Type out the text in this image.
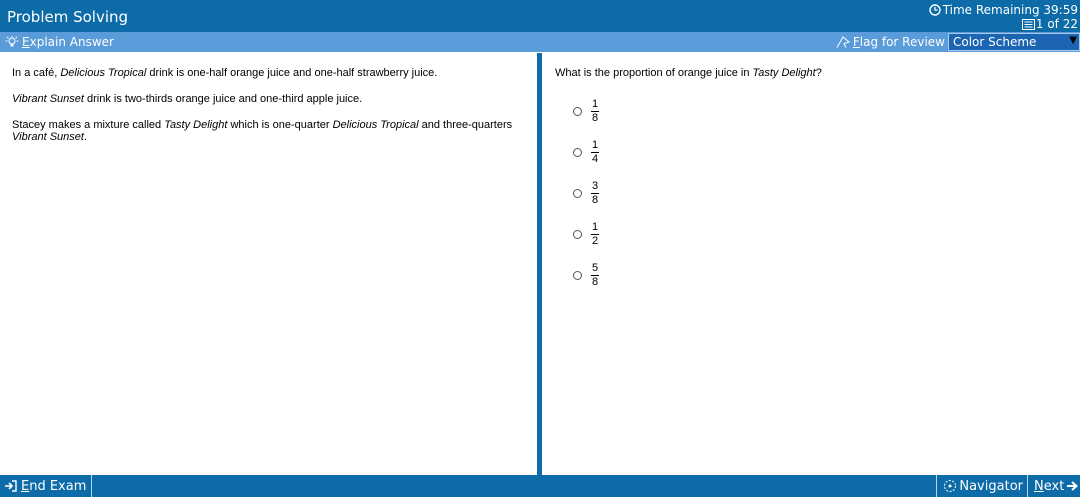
Problem Solving	Time Remaining 39:59
1 of 22
Explain Answer	Flag for Review Color Scheme	▼

In a café, Delicious Tropical drink is one-half orange juice and one-half strawberry juice.

Vibrant Sunset drink is two-thirds orange juice and one-third apple juice.

Stacey makes a mixture called Tasty Delight which is one-quarter Delicious Tropical and three-quarters
Vibrant Sunset.

What is the proportion of orange juice in Tasty Delight?
$\frac{1}{8}$
$\frac{1}{4}$
$\frac{3}{8}$
$\frac{1}{2}$
$\frac{5}{8}$
End Exam	Navigator Next
